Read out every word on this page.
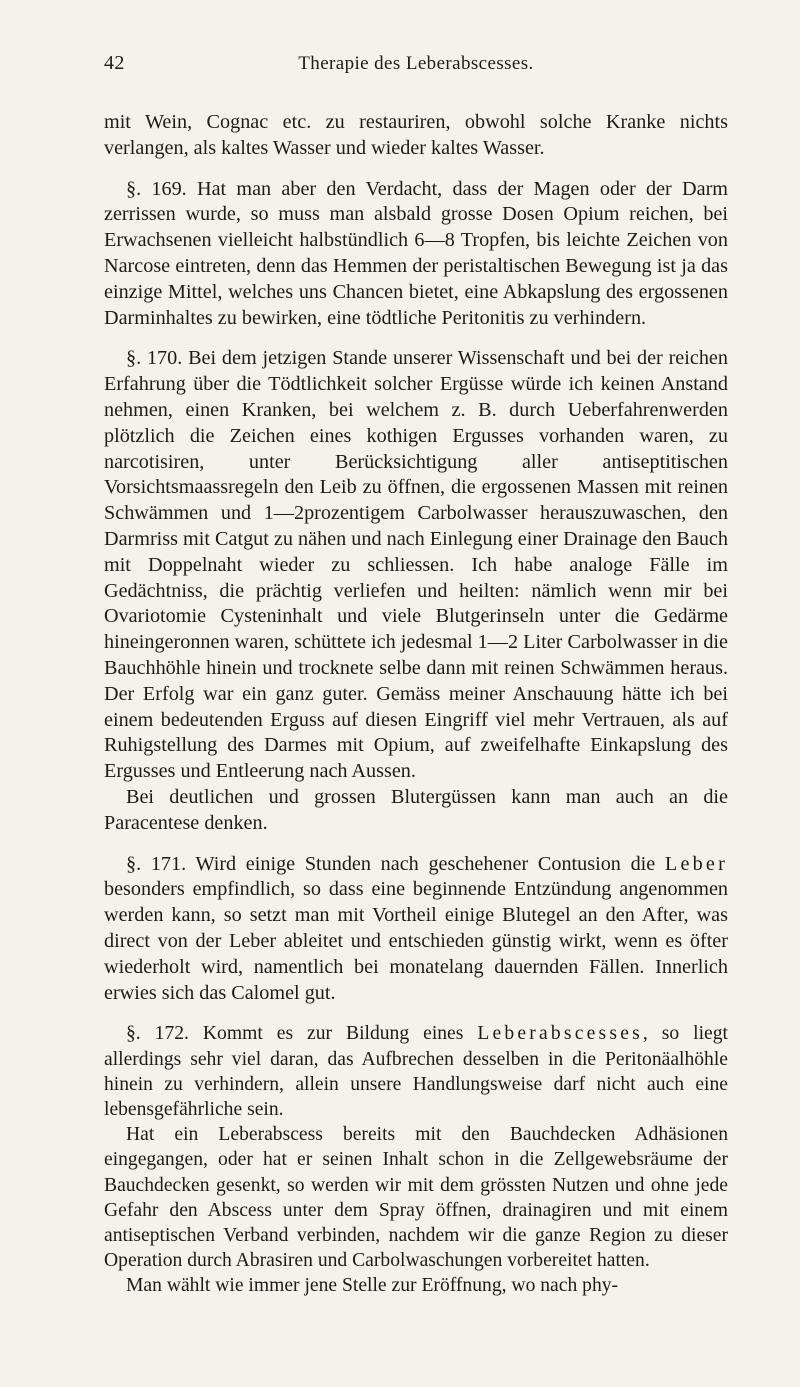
42	Therapie des Leberabscesses.

mit Wein, Cognac etc. zu restauriren, obwohl solche Kranke nichts verlangen, als kaltes Wasser und wieder kaltes Wasser.

§. 169. Hat man aber den Verdacht, dass der Magen oder der Darm zerrissen wurde, so muss man alsbald grosse Dosen Opium reichen, bei Erwachsenen vielleicht halbstündlich 6—8 Tropfen, bis leichte Zeichen von Narcose eintreten, denn das Hemmen der peristaltischen Bewegung ist ja das einzige Mittel, welches uns Chancen bietet, eine Abkapslung des ergossenen Darminhaltes zu bewirken, eine tödtliche Peritonitis zu verhindern.

§. 170. Bei dem jetzigen Stande unserer Wissenschaft und bei der reichen Erfahrung über die Tödtlichkeit solcher Ergüsse würde ich keinen Anstand nehmen, einen Kranken, bei welchem z. B. durch Ueberfahrenwerden plötzlich die Zeichen eines kothigen Ergusses vorhanden waren, zu narcotisiren, unter Berücksichtigung aller antiseptitischen Vorsichtsmaassregeln den Leib zu öffnen, die ergossenen Massen mit reinen Schwämmen und 1—2prozentigem Carbolwasser herauszuwaschen, den Darmriss mit Catgut zu nähen und nach Einlegung einer Drainage den Bauch mit Doppelnaht wieder zu schliessen. Ich habe analoge Fälle im Gedächtniss, die prächtig verliefen und heilten: nämlich wenn mir bei Ovariotomie Cysteninhalt und viele Blutgerinseln unter die Gedärme hineingeronnen waren, schüttete ich jedesmal 1—2 Liter Carbolwasser in die Bauchhöhle hinein und trocknete selbe dann mit reinen Schwämmen heraus. Der Erfolg war ein ganz guter. Gemäss meiner Anschauung hätte ich bei einem bedeutenden Erguss auf diesen Eingriff viel mehr Vertrauen, als auf Ruhigstellung des Darmes mit Opium, auf zweifelhafte Einkapslung des Ergusses und Entleerung nach Aussen.

Bei deutlichen und grossen Blutergüssen kann man auch an die Paracentese denken.

§. 171. Wird einige Stunden nach geschehener Contusion die Leber besonders empfindlich, so dass eine beginnende Entzündung angenommen werden kann, so setzt man mit Vortheil einige Blutegel an den After, was direct von der Leber ableitet und entschieden günstig wirkt, wenn es öfter wiederholt wird, namentlich bei monatelang dauernden Fällen. Innerlich erwies sich das Calomel gut.

§. 172. Kommt es zur Bildung eines Leberabscesses, so liegt allerdings sehr viel daran, das Aufbrechen desselben in die Peritonäalhöhle hinein zu verhindern, allein unsere Handlungsweise darf nicht auch eine lebensgefährliche sein.

Hat ein Leberabscess bereits mit den Bauchdecken Adhäsionen eingegangen, oder hat er seinen Inhalt schon in die Zellgewebsräume der Bauchdecken gesenkt, so werden wir mit dem grössten Nutzen und ohne jede Gefahr den Abscess unter dem Spray öffnen, drainagiren und mit einem antiseptischen Verband verbinden, nachdem wir die ganze Region zu dieser Operation durch Abrasiren und Carbolwaschungen vorbereitet hatten.

Man wählt wie immer jene Stelle zur Eröffnung, wo nach phy-
